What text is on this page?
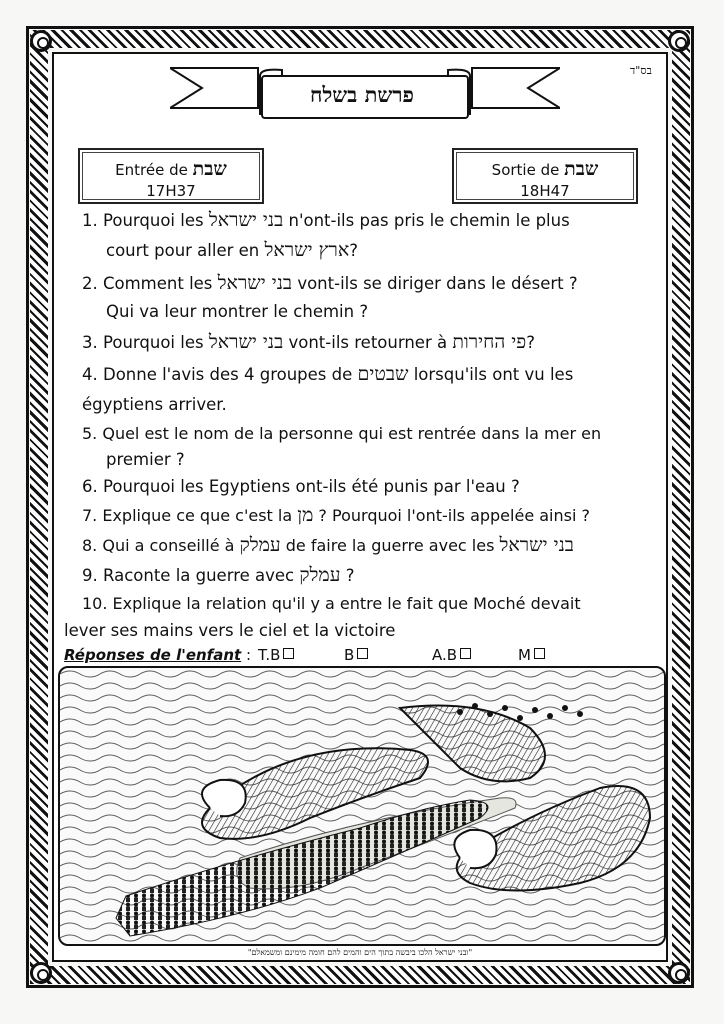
בס"ד
פרשת בשלח
Entrée de שבת
17H37
Sortie de שבת
18H47
1. Pourquoi les בני ישראל n'ont-ils pas pris le chemin le plus
court pour aller en ארץ ישראל?
2. Comment les בני ישראל vont-ils se diriger dans le désert ?
Qui va leur montrer le chemin ?
3. Pourquoi les בני ישראל vont-ils retourner à פי החירות?
4. Donne l'avis des 4 groupes de שבטים lorsqu'ils ont vu les
égyptiens arriver.
5. Quel est le nom de la personne qui est rentrée dans la mer en
premier ?
6. Pourquoi les Egyptiens ont-ils été punis par l'eau ?
7. Explique ce que c'est la מן ? Pourquoi l'ont-ils appelée ainsi ?
8. Qui a conseillé à עמלק de faire la guerre avec les בני ישראל
9. Raconte la guerre avec עמלק ?
10. Explique la relation qu'il y a entre le fait que Moché devait
lever ses mains vers le ciel et la victoire
Réponses de l'enfant : T.B	B	A.B	M
"ובני ישראל הלכו ביבשה בתוך הים והמים להם חומה מימינם ומשמאלם"
